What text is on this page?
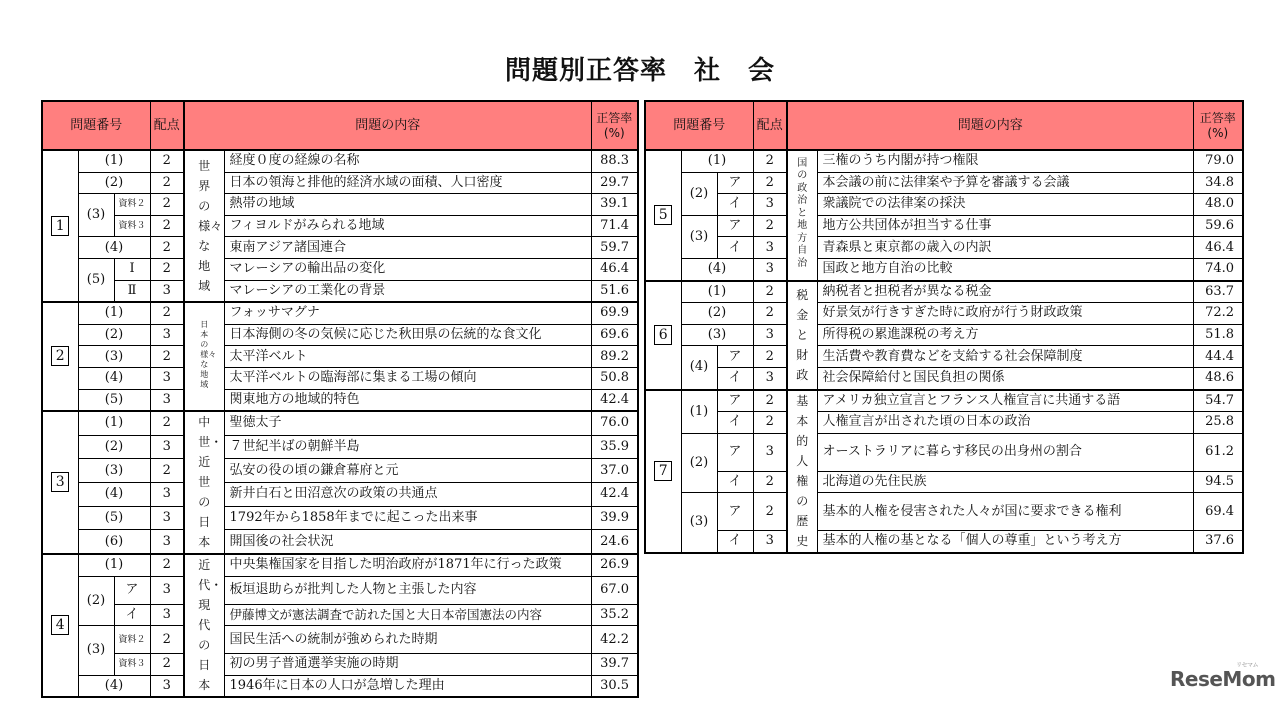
問題別正答率　社　会
問題番号			配点	問題の内容		正答率
(%)
1	(1)		2	世界の様々な地域	経度０度の経線の名称	88.3
	(2)		2		日本の領海と排他的経済水域の面積、人口密度	29.7
	(3)	資料２	2		熱帯の地域	39.1
		資料３	2		フィヨルドがみられる地域	71.4
	(4)		2		東南アジア諸国連合	59.7
	(5)	Ⅰ	2		マレーシアの輸出品の変化	46.4
		Ⅱ	3		マレーシアの工業化の背景	51.6
2	(1)		2	日本の様々な地域	フォッサマグナ	69.9
	(2)		3		日本海側の冬の気候に応じた秋田県の伝統的な食文化	69.6
	(3)		2		太平洋ベルト	89.2
	(4)		3		太平洋ベルトの臨海部に集まる工場の傾向	50.8
	(5)		3		関東地方の地域的特色	42.4
3	(1)		2	中世・近世の日本	聖徳太子	76.0
	(2)		3		７世紀半ばの朝鮮半島	35.9
	(3)		2		弘安の役の頃の鎌倉幕府と元	37.0
	(4)		3		新井白石と田沼意次の政策の共通点	42.4
	(5)		3		1792年から1858年までに起こった出来事	39.9
	(6)		3		開国後の社会状況	24.6
4	(1)		2	近代・現代の日本	中央集権国家を目指した明治政府が1871年に行った政策	26.9
	(2)	ア	3		板垣退助らが批判した人物と主張した内容	67.0
		イ	3		伊藤博文が憲法調査で訪れた国と大日本帝国憲法の内容	35.2
	(3)	資料２	2		国民生活への統制が強められた時期	42.2
		資料３	2		初の男子普通選挙実施の時期	39.7
	(4)		3		1946年に日本の人口が急増した理由	30.5
問題番号			配点	問題の内容		正答率
(%)
5	(1)		2	国の政治と地方自治	三権のうち内閣が持つ権限	79.0
	(2)	ア	2		本会議の前に法律案や予算を審議する会議	34.8
		イ	3		衆議院での法律案の採決	48.0
	(3)	ア	2		地方公共団体が担当する仕事	59.6
		イ	3		青森県と東京都の歳入の内訳	46.4
	(4)		3		国政と地方自治の比較	74.0
6	(1)		2	税金と財政	納税者と担税者が異なる税金	63.7
	(2)		2		好景気が行きすぎた時に政府が行う財政政策	72.2
	(3)		3		所得税の累進課税の考え方	51.8
	(4)	ア	2		生活費や教育費などを支給する社会保障制度	44.4
		イ	3		社会保障給付と国民負担の関係	48.6
7	(1)	ア	2	基本的人権の歴史	アメリカ独立宣言とフランス人権宣言に共通する語	54.7
		イ	2		人権宣言が出された頃の日本の政治	25.8
	(2)	ア	3		オーストラリアに暮らす移民の出身州の割合	61.2
		イ	2		北海道の先住民族	94.5
	(3)	ア	2		基本的人権を侵害された人々が国に要求できる権利	69.4
		イ	3		基本的人権の基となる「個人の尊重」という考え方	37.6
ReseMom
リセマム
